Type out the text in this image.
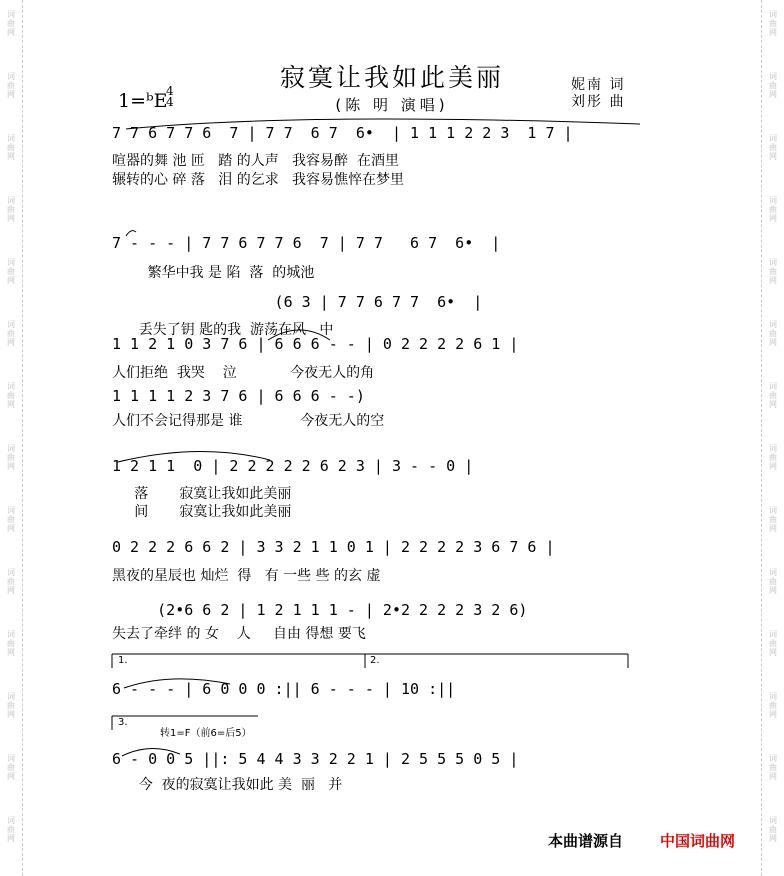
词
曲
网
词
曲
网
词
曲
网
词
曲
网
词
曲
网
词
曲
网
词
曲
网
词
曲
网
词
曲
网
词
曲
网
词
曲
网
词
曲
网
词
曲
网
词
曲
网
词
曲
网
词
曲
网
词
曲
网
词
曲
网
词
曲
网
词
曲
网
词
曲
网
词
曲
网
词
曲
网
词
曲
网
词
曲
网
词
曲
网
词
曲
网
词
曲
网
寂寞让我如此美丽
(陈 明 演唱)
1=ᵇE
4
4
妮南 词
刘彤 曲
7 7 6 7 7 6  7 | 7 7  6 7  6•  | 1 1 1 2 2 3  1 7 |
喧器的舞 池 匝   踏 的人声   我容易醉  在酒里
辗转的心 碎 落   泪 的乞求   我容易憔悴在梦里
7 - - - | 7 7 6 7 7 6  7 | 7 7   6 7  6•  |
繁华中我 是 陷  落  的城池
(6 3 | 7 7 6 7 7  6•  |
丢失了钥 匙的我  游荡在风   中
1 1 2 1 0 3 7 6 | 6 6 6 - - | 0 2 2 2 2 6 1 |
人们拒绝  我哭    泣            今夜无人的角
1 1 1 1 2 3 7 6 | 6 6 6 - -)
人们不会记得那是 谁             今夜无人的空
1 2 1 1  0 | 2 2 2 2 2 6 2 3 | 3 - - 0 |
落       寂寞让我如此美丽
间       寂寞让我如此美丽
0 2 2 2 6 6 2 | 3 3 2 1 1 0 1 | 2 2 2 2 3 6 7 6 |
黑夜的星辰也 灿烂  得   有 一些 些 的玄 虚
(2•6 6 2 | 1 2 1 1 1 - | 2•2 2 2 2 3 2 6)
失去了牵绊 的 女    人     自由 得想 要飞
6 - - - | 6 0 0 0 :|| 6 - - - | 10 :||
6 - 0 0 5 ||: 5 4 4 3 3 2 2 1 | 2 5 5 5 0 5 |
今  夜的寂寞让我如此 美  丽   并
1.	2.
3.
转1=F（前6=后5）
本曲谱源自 中国词曲网
